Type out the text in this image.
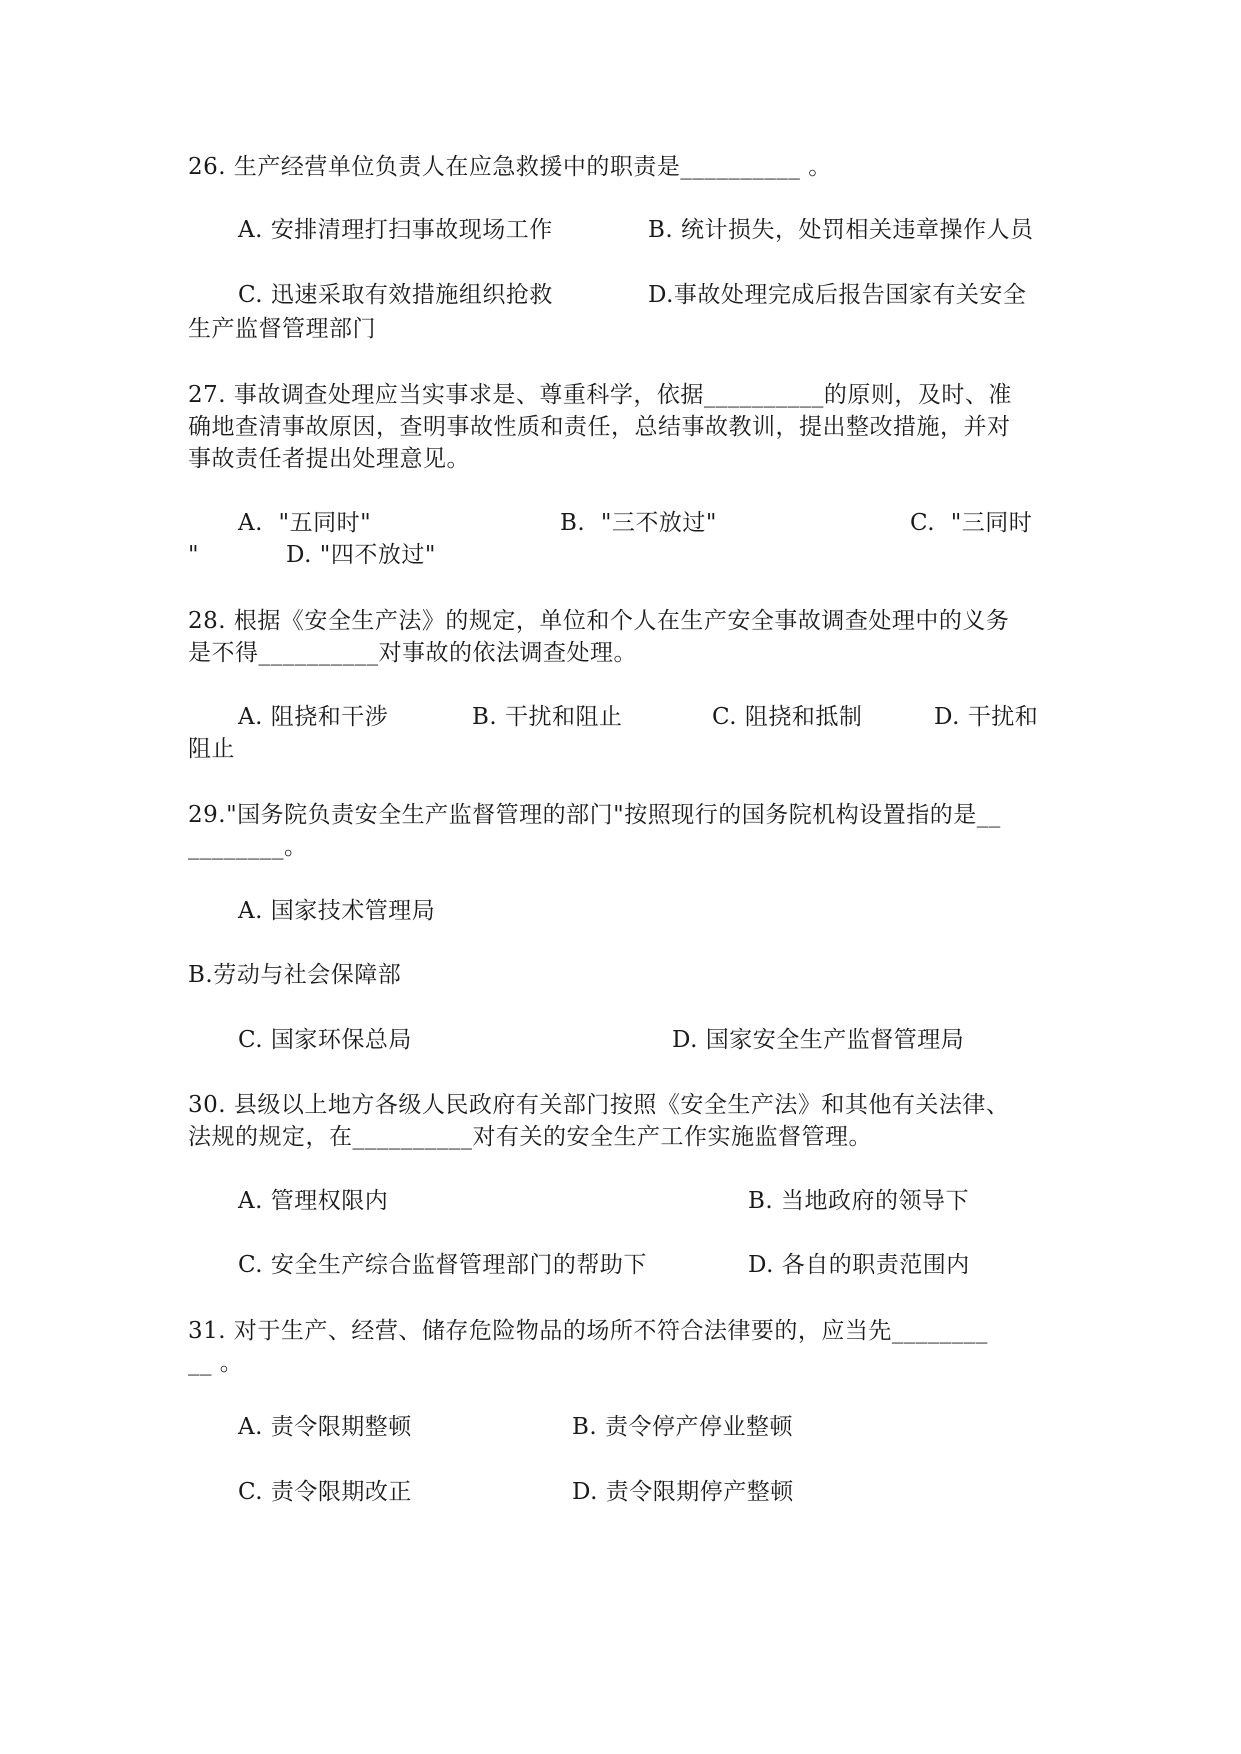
26. 生产经营单位负责人在应急救援中的职责是__________ 。
A. 安排清理打扫事故现场工作	B. 统计损失，处罚相关违章操作人员
C. 迅速采取有效措施组织抢救	D.事故处理完成后报告国家有关安全
生产监督管理部门
27. 事故调查处理应当实事求是、尊重科学，依据__________的原则，及时、准
确地查清事故原因，查明事故性质和责任，总结事故教训，提出整改措施，并对
事故责任者提出处理意见。
A.  "五同时"	B.  "三不放过"	C.  "三同时
"	D. "四不放过"
28. 根据《安全生产法》的规定，单位和个人在生产安全事故调查处理中的义务
是不得__________对事故的依法调查处理。
A. 阻挠和干涉	B. 干扰和阻止	C. 阻挠和抵制	D. 干扰和
阻止
29."国务院负责安全生产监督管理的部门"按照现行的国务院机构设置指的是__
________。
A. 国家技术管理局
B.劳动与社会保障部
C. 国家环保总局	D. 国家安全生产监督管理局
30. 县级以上地方各级人民政府有关部门按照《安全生产法》和其他有关法律、
法规的规定，在__________对有关的安全生产工作实施监督管理。
A. 管理权限内	B. 当地政府的领导下
C. 安全生产综合监督管理部门的帮助下	D. 各自的职责范围内
31. 对于生产、经营、储存危险物品的场所不符合法律要的，应当先________
__ 。
A. 责令限期整顿	B. 责令停产停业整顿
C. 责令限期改正	D. 责令限期停产整顿
